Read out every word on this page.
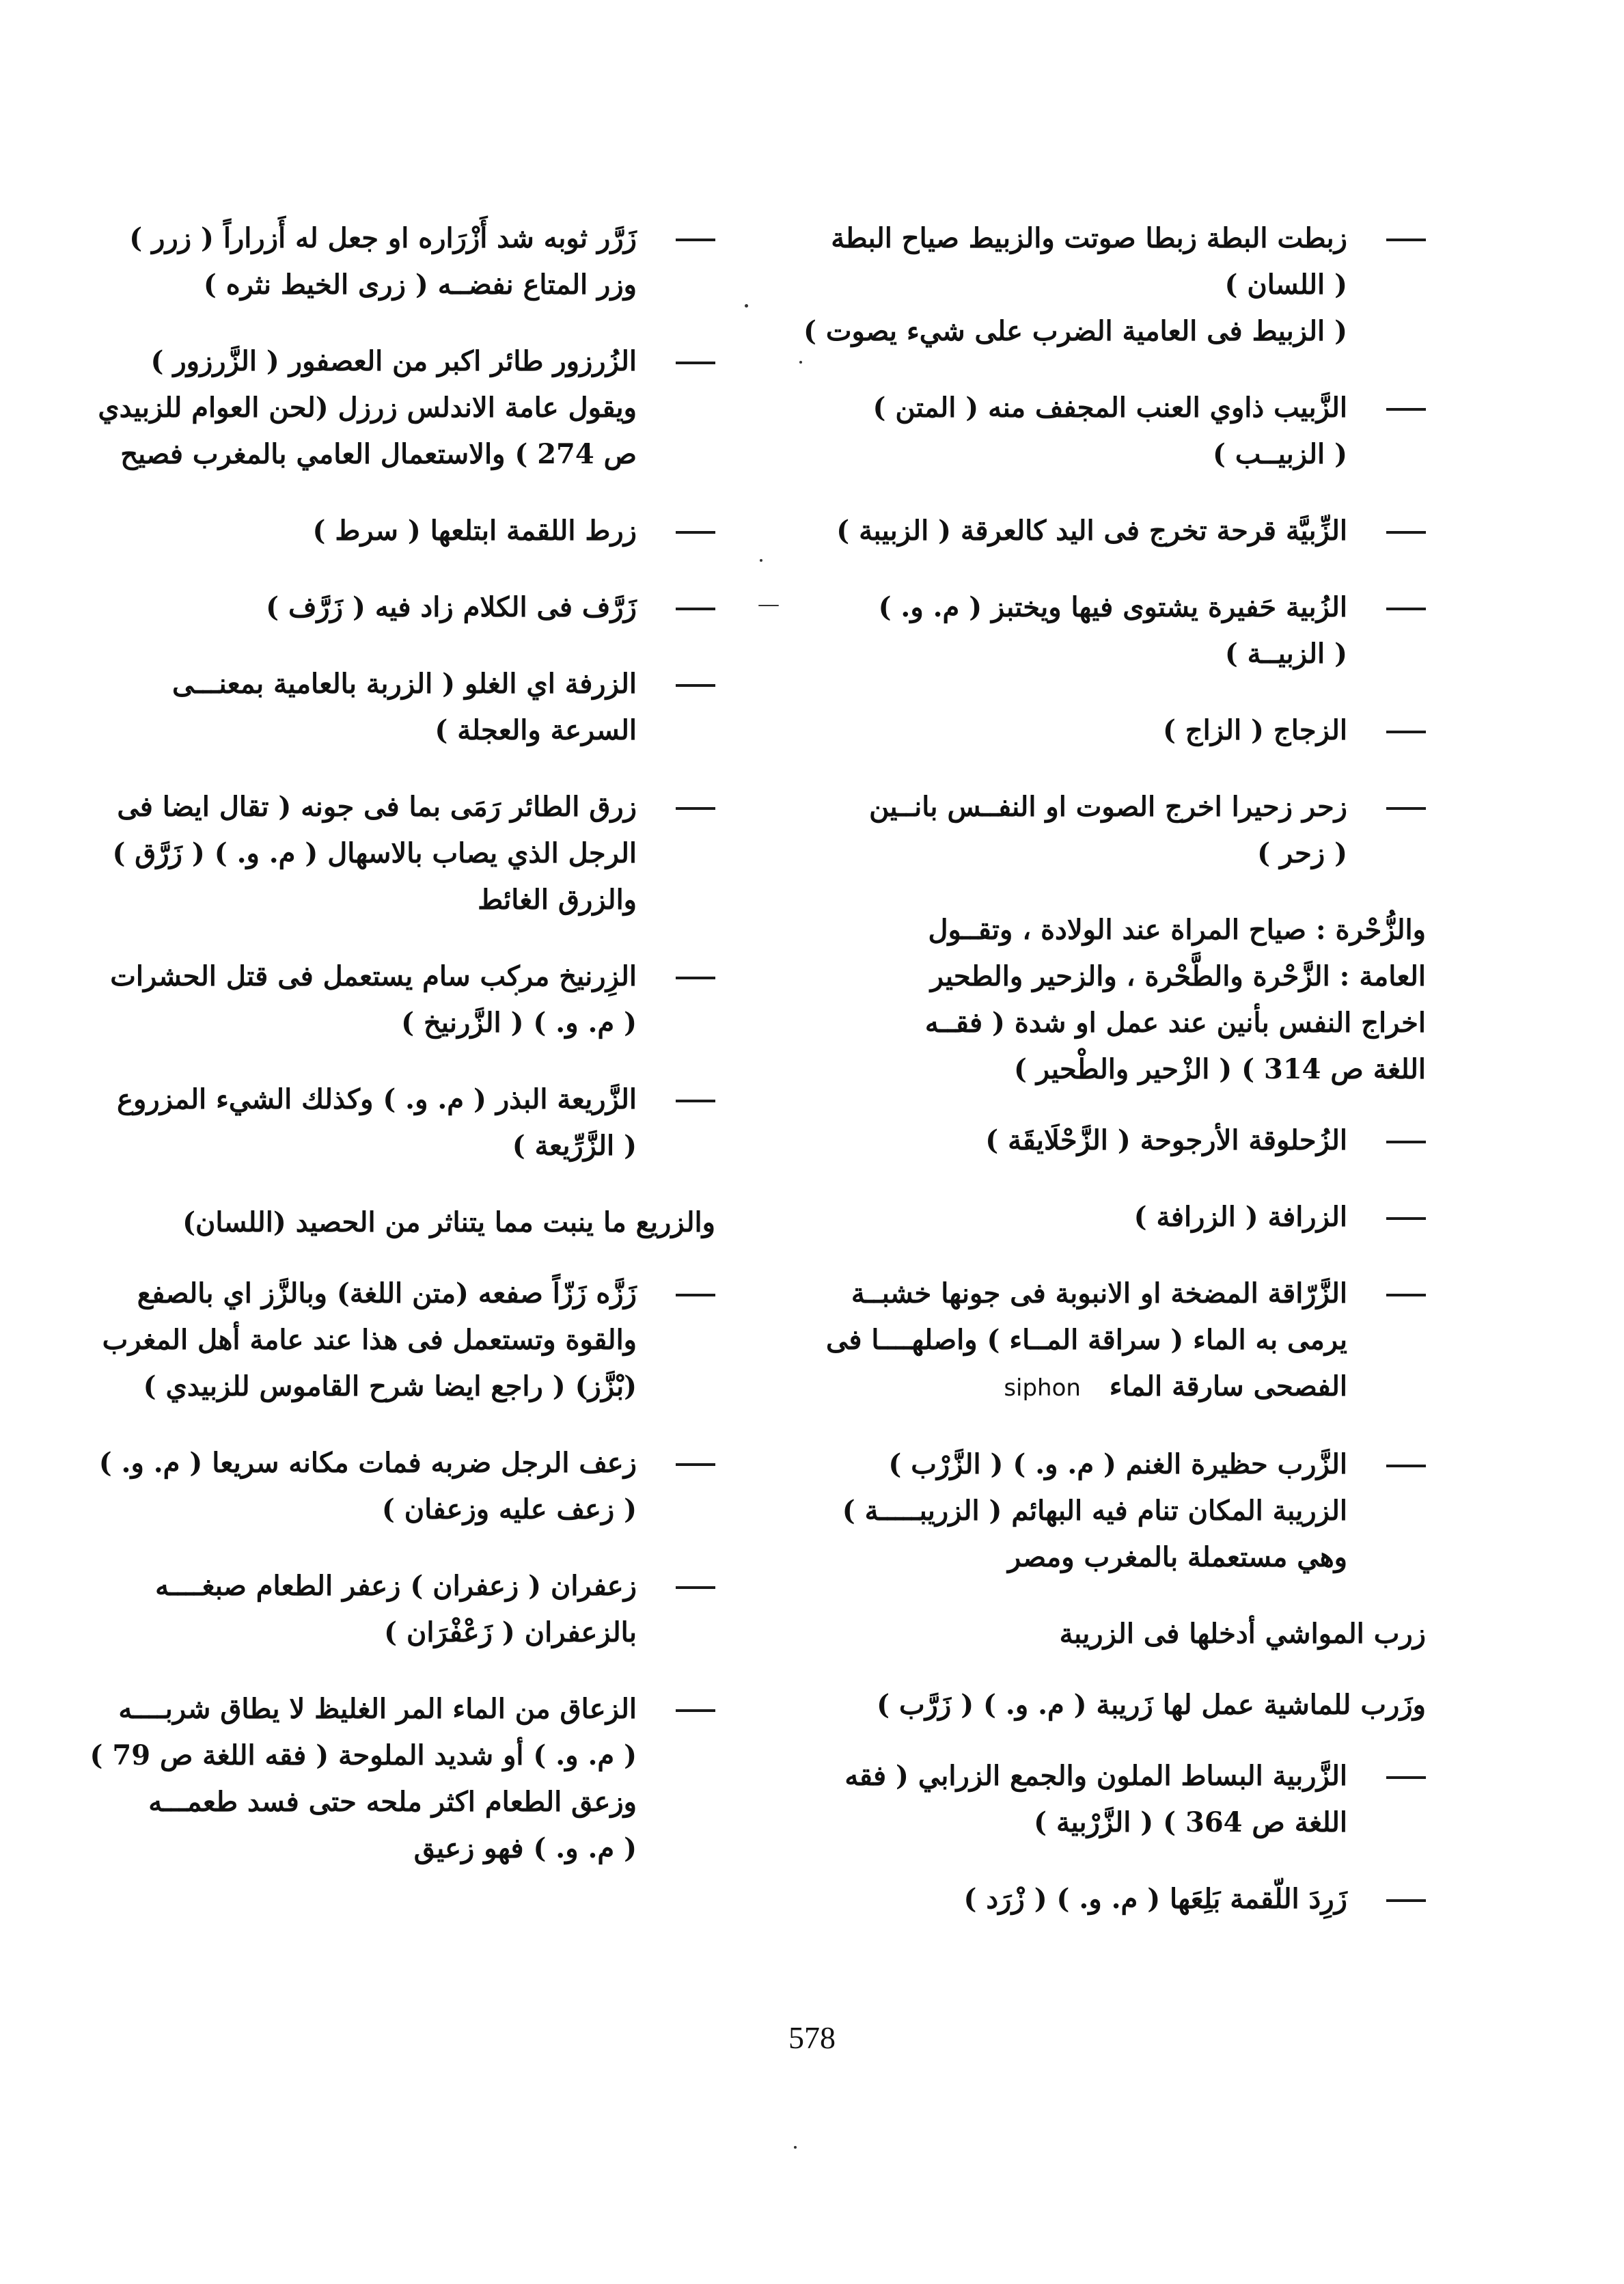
زبطت البطة زبطا صوتت والزبيط صياح البطة
( اللسان )
( الزبيط فى العامية الضرب على شيء يصوت )
الزَّبيب ذاوي العنب المجفف منه ( المتن )
( الزبيــب )
الزِّبيَّة قرحة تخرج فى اليد كالعرقة ( الزبيبة )
الزُبية حَفيرة يشتوى فيها ويختبز ( م. و. )
( الزبيــة )
الزجاج ( الزاج )
زحر زحيرا اخرج الصوت او النفــس بانــين
( زحر )
والزُّحْرة : صياح المراة عند الولادة ، وتقــول
العامة : الزَّحْرة والطَّحْرة ، والزحير والطحير
اخراج النفس بأنين عند عمل او شدة ( فقــه
اللغة ص 314 ) ( الزْحير والطْحير )
الزُحلوقة الأرجوحة ( الزَّحْلَايقَة )
الزرافة ( الزرافة )
الزَّرّاقة المضخة او الانبوبة فى جونها خشبــة
يرمى به الماء ( سراقة المــاء ) واصلهــــا فى
الفصحى سارقة الماء   siphon
الزَّرب حظيرة الغنم ( م. و. ) ( الزَّرْب )
الزريبة المكان تنام فيه البهائم ( الزريبـــــة )
وهي مستعملة بالمغرب ومصر
زرب المواشي أدخلها فى الزريبة
وزَرب للماشية عمل لها زَريبة ( م. و. ) ( زَرَّب )
الزَّربية البساط الملون والجمع الزرابي ( فقه
اللغة ص 364 ) ( الزَّرْبية )
زَرِدَ اللّقمة بَلِعَها ( م. و. ) ( زْرَد )
زَرَّر ثوبه شد أَزْرَاره او جعل له أَزراراً ( زرر )
وزر المتاع نفضــه ( زرى الخيط نثره )
الزُرزور طائر اكبر من العصفور ( الزَّرزور )
ويقول عامة الاندلس زرزل (لحن العوام للزبيدي
ص 274 ) والاستعمال العامي بالمغرب فصيح
زرط اللقمة ابتلعها ( سرط )
زَرَّف فى الكلام زاد فيه ( زَرَّف )
الزرفة اي الغلو ( الزربة بالعامية بمعنـــى
السرعة والعجلة )
زرق الطائر رَمَى بما فى جونه ( تقال ايضا فى
الرجل الذي يصاب بالاسهال ( م. و. ) ( زَرَّق )
والزرق الغائط
الزِرنيخ مركب سام يستعمل فى قتل الحشرات
( م. و. ) ( الزَّرنيخ )
الزَّريعة البذر ( م. و. ) وكذلك الشيء المزروع
( الزَّرِّيعة )
والزريع ما ينبت مما يتناثر من الحصيد (اللسان)
زَزَّه زَزّاً صفعه (متن اللغة) وبالزَّز اي بالصفع
والقوة وتستعمل فى هذا عند عامة أهل المغرب
(بْزَّز) ( راجع ايضا شرح القاموس للزبيدي )
زعف الرجل ضربه فمات مكانه سريعا ( م. و. )
( زعف عليه وزعفان )
زعفران ( زعفران ) زعفر الطعام صبغــــه
بالزعفران ( زَعْفْرَان )
الزعاق من الماء المر الغليظ لا يطاق شربــــه
( م. و. ) أو شديد الملوحة ( فقه اللغة ص 79 )
وزعق الطعام اكثر ملحه حتى فسد طعمـــه
( م. و. ) فهو زعيق
578
